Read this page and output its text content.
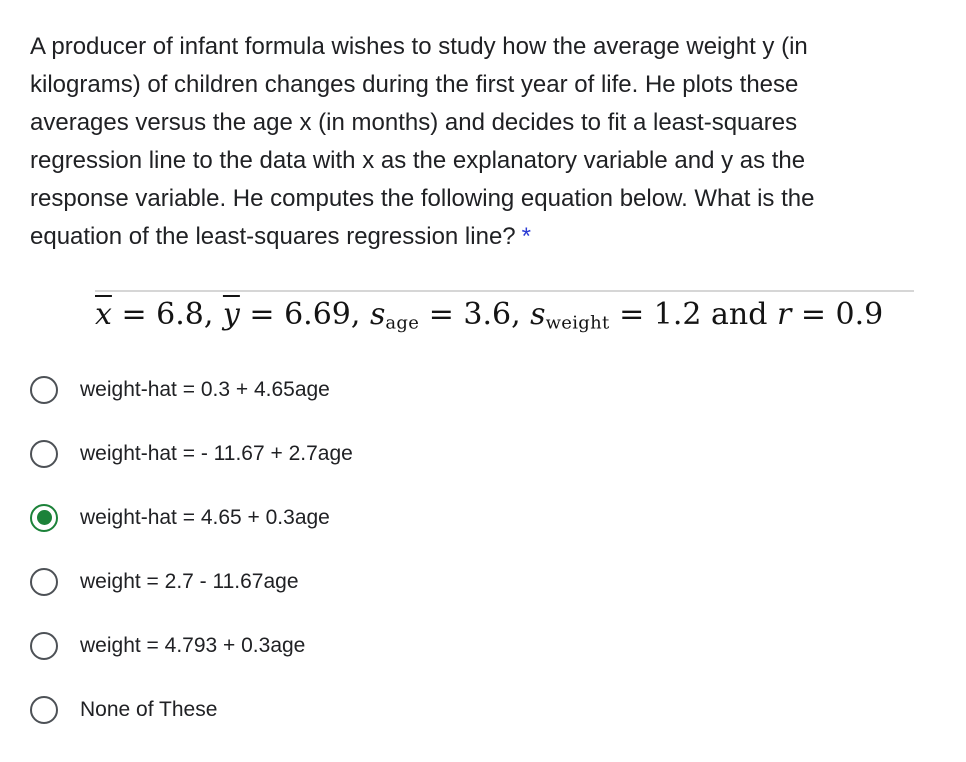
A producer of infant formula wishes to study how the average weight y (in kilograms) of children changes during the first year of life. He plots these averages versus the age x (in months) and decides to fit a least-squares regression line to the data with x as the explanatory variable and y as the response variable. He computes the following equation below. What is the equation of the least-squares regression line? *
$\overline{x} = 6.8$, $\overline{y} = 6.69$, sage = 3.6, sweight = 1.2 and r = 0.9
weight-hat = 0.3 + 4.65age
weight-hat = - 11.67 + 2.7age
weight-hat = 4.65 + 0.3age
weight = 2.7 - 11.67age
weight = 4.793 + 0.3age
None of These
